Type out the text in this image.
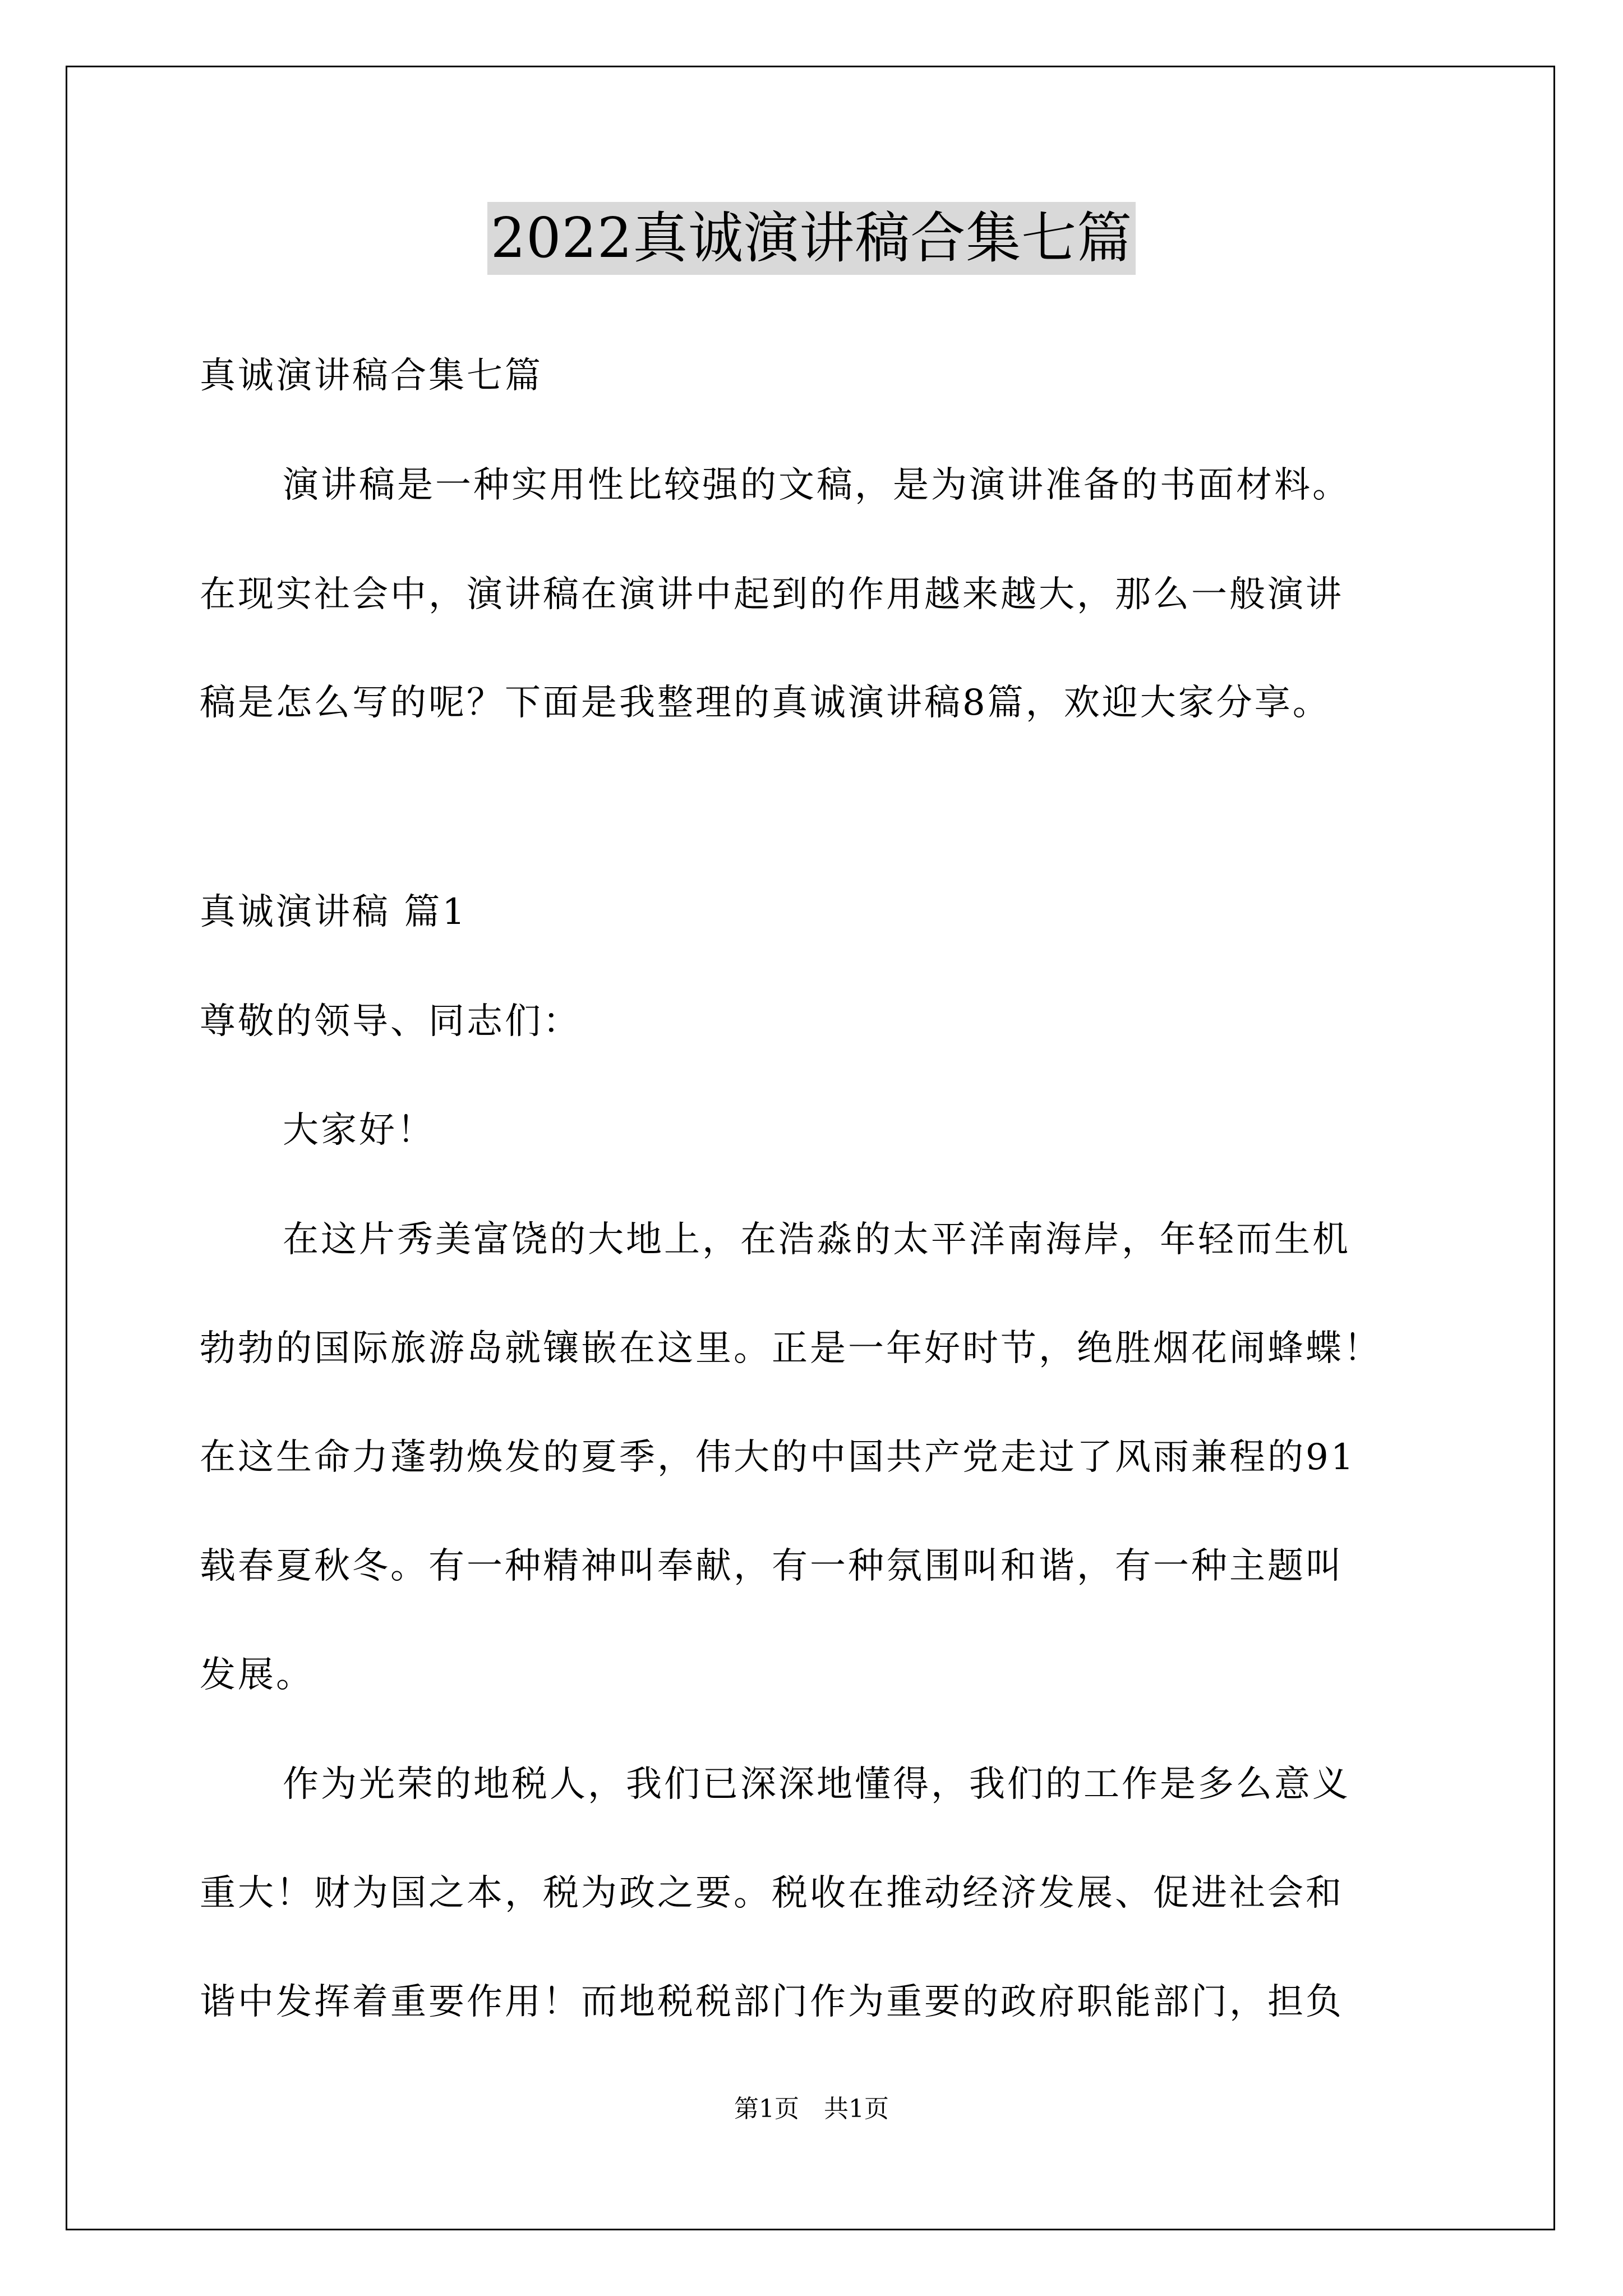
2022真诚演讲稿合集七篇
真诚演讲稿合集七篇
演讲稿是一种实用性比较强的文稿，是为演讲准备的书面材料。
在现实社会中，演讲稿在演讲中起到的作用越来越大，那么一般演讲
稿是怎么写的呢？下面是我整理的真诚演讲稿8篇，欢迎大家分享。
真诚演讲稿 篇1
尊敬的领导、同志们：
大家好！
在这片秀美富饶的大地上，在浩淼的太平洋南海岸，年轻而生机
勃勃的国际旅游岛就镶嵌在这里。正是一年好时节，绝胜烟花闹蜂蝶！
在这生命力蓬勃焕发的夏季，伟大的中国共产党走过了风雨兼程的91
载春夏秋冬。有一种精神叫奉献，有一种氛围叫和谐，有一种主题叫
发展。
作为光荣的地税人，我们已深深地懂得，我们的工作是多么意义
重大！财为国之本，税为政之要。税收在推动经济发展、促进社会和
谐中发挥着重要作用！而地税税部门作为重要的政府职能部门，担负
第1页　共1页
